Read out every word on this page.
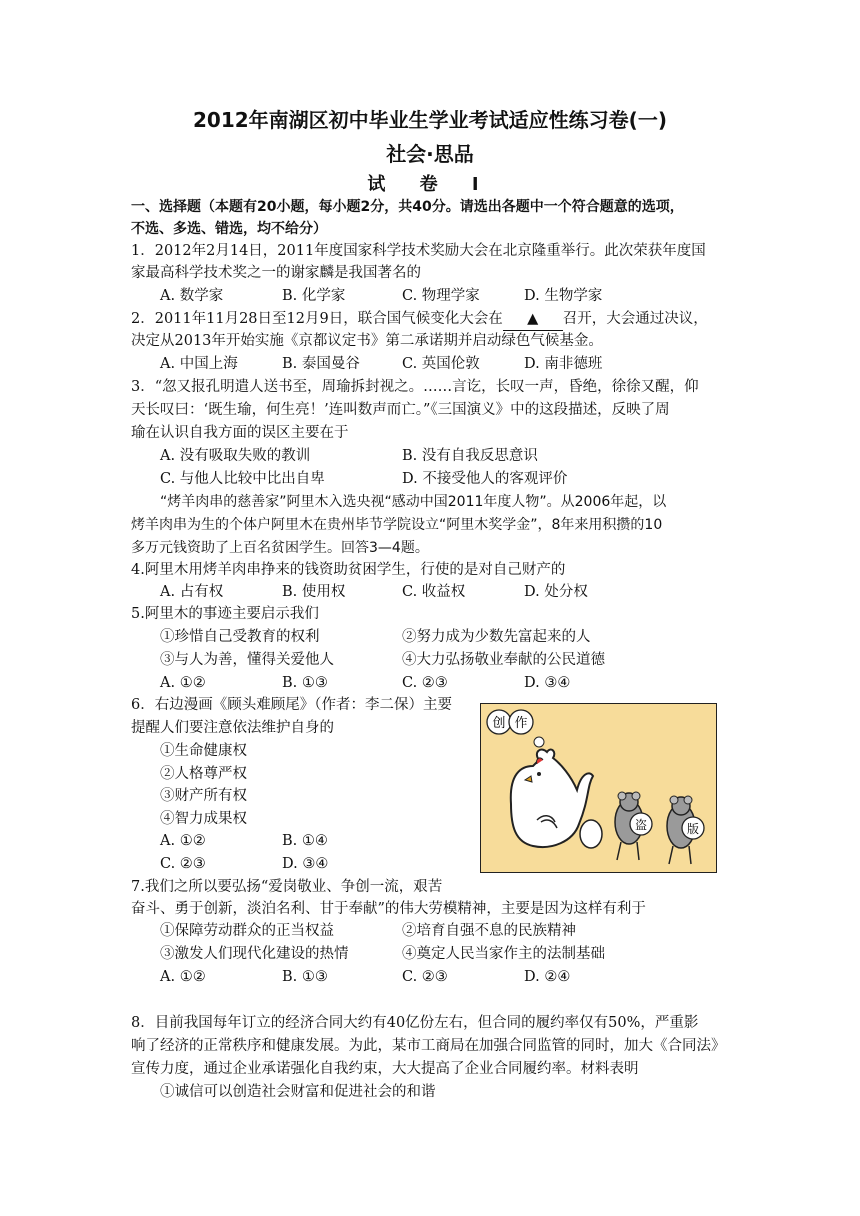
2012年南湖区初中毕业生学业考试适应性练习卷(一)
社会·思品
试 卷 Ⅰ
一、选择题（本题有20小题，每小题2分，共40分。请选出各题中一个符合题意的选项，
不选、多选、错选，均不给分）
1．2012年2月14日，2011年度国家科学技术奖励大会在北京隆重举行。此次荣获年度国
家最高科学技术奖之一的谢家麟是我国著名的
A. 数学家	B. 化学家	C. 物理学家	D. 生物学家
2．2011年11月28日至12月9日，联合国气候变化大会在 ▲ 召开，大会通过决议，
决定从2013年开始实施《京都议定书》第二承诺期并启动绿色气候基金。
A. 中国上海	B. 泰国曼谷	C. 英国伦敦	D. 南非德班
3．“忽又报孔明遣人送书至，周瑜拆封视之。……言讫，长叹一声，昏绝，徐徐又醒，仰
天长叹曰：‘既生瑜，何生亮！’连叫数声而亡。”《三国演义》中的这段描述，反映了周
瑜在认识自我方面的误区主要在于
A. 没有吸取失败的教训	B. 没有自我反思意识
C. 与他人比较中比出自卑	D. 不接受他人的客观评价
“烤羊肉串的慈善家”阿里木入选央视“感动中国2011年度人物”。从2006年起，以
烤羊肉串为生的个体户阿里木在贵州毕节学院设立“阿里木奖学金”，8年来用积攒的10
多万元钱资助了上百名贫困学生。回答3—4题。
4.阿里木用烤羊肉串挣来的钱资助贫困学生，行使的是对自己财产的
A. 占有权	B. 使用权	C. 收益权	D. 处分权
5.阿里木的事迹主要启示我们
①珍惜自己受教育的权利	②努力成为少数先富起来的人
③与人为善，懂得关爱他人	④大力弘扬敬业奉献的公民道德
A. ①②	B. ①③	C. ②③	D. ③④
6．右边漫画《顾头难顾尾》（作者：李二保）主要
提醒人们要注意依法维护自身的
①生命健康权
②人格尊严权
③财产所有权
④智力成果权
A. ①②	B. ①④
C. ②③	D. ③④
创 作
盗	版
7.我们之所以要弘扬“爱岗敬业、争创一流，艰苦
奋斗、勇于创新，淡泊名利、甘于奉献”的伟大劳模精神，主要是因为这样有利于
①保障劳动群众的正当权益	②培育自强不息的民族精神
③激发人们现代化建设的热情	④奠定人民当家作主的法制基础
A. ①②	B. ①③	C. ②③	D. ②④
8．目前我国每年订立的经济合同大约有40亿份左右，但合同的履约率仅有50%，严重影
响了经济的正常秩序和健康发展。为此，某市工商局在加强合同监管的同时，加大《合同法》
宣传力度，通过企业承诺强化自我约束，大大提高了企业合同履约率。材料表明
①诚信可以创造社会财富和促进社会的和谐
